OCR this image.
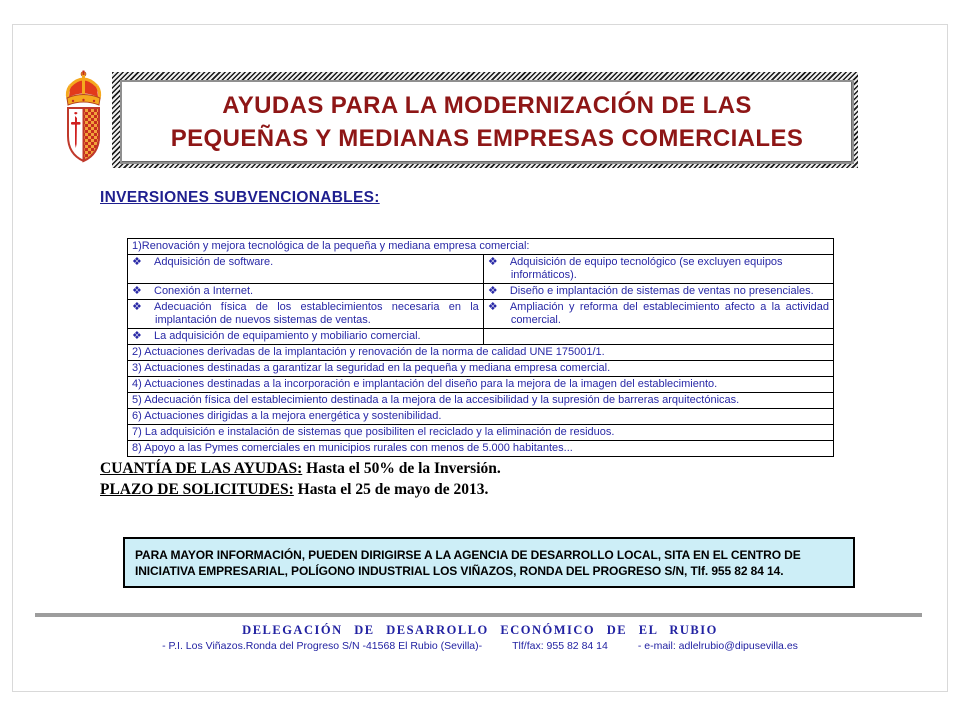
AYUDAS PARA LA MODERNIZACIÓN DE LAS
PEQUEÑAS Y MEDIANAS EMPRESAS COMERCIALES
INVERSIONES SUBVENCIONABLES:
1)Renovación y mejora tecnológica de la pequeña y mediana empresa comercial:	
❖ Adquisición de software.	❖ Adquisición de equipo tecnológico (se excluyen equipos informáticos).
❖ Conexión a Internet.	❖ Diseño e implantación de sistemas de ventas no presenciales.
❖ Adecuación física de los establecimientos necesaria en la implantación de nuevos sistemas de ventas.	❖ Ampliación y reforma del establecimiento afecto a la actividad comercial.
❖ La adquisición de equipamiento y mobiliario comercial.	
2) Actuaciones derivadas de la implantación y renovación de la norma de calidad UNE 175001/1.	
3) Actuaciones destinadas a garantizar la seguridad en la pequeña y mediana empresa comercial.	
4) Actuaciones destinadas a la incorporación e implantación del diseño para la mejora de la imagen del establecimiento.	
5) Adecuación física del establecimiento destinada a la mejora de la accesibilidad y la supresión de barreras arquitectónicas.	
6) Actuaciones dirigidas a la mejora energética y sostenibilidad.	
7) La adquisición e instalación de sistemas que posibiliten el reciclado y la eliminación de residuos.	
8) Apoyo a las Pymes comerciales en municipios rurales con menos de 5.000 habitantes...	
CUANTÍA DE LAS AYUDAS: Hasta el 50% de la Inversión.
PLAZO DE SOLICITUDES: Hasta el 25 de mayo de 2013.
PARA MAYOR INFORMACIÓN, PUEDEN DIRIGIRSE A LA AGENCIA DE DESARROLLO LOCAL, SITA EN EL CENTRO DE
INICIATIVA EMPRESARIAL, POLÍGONO INDUSTRIAL LOS VIÑAZOS, RONDA DEL PROGRESO S/N, Tlf. 955 82 84 14.
DELEGACIÓN DE DESARROLLO ECONÓMICO DE EL RUBIO
- P.I. Los Viñazos.Ronda del Progreso S/N -41568 El Rubio (Sevilla)-	Tlf/fax: 955 82 84 14	- e-mail: adlelrubio@dipusevilla.es
